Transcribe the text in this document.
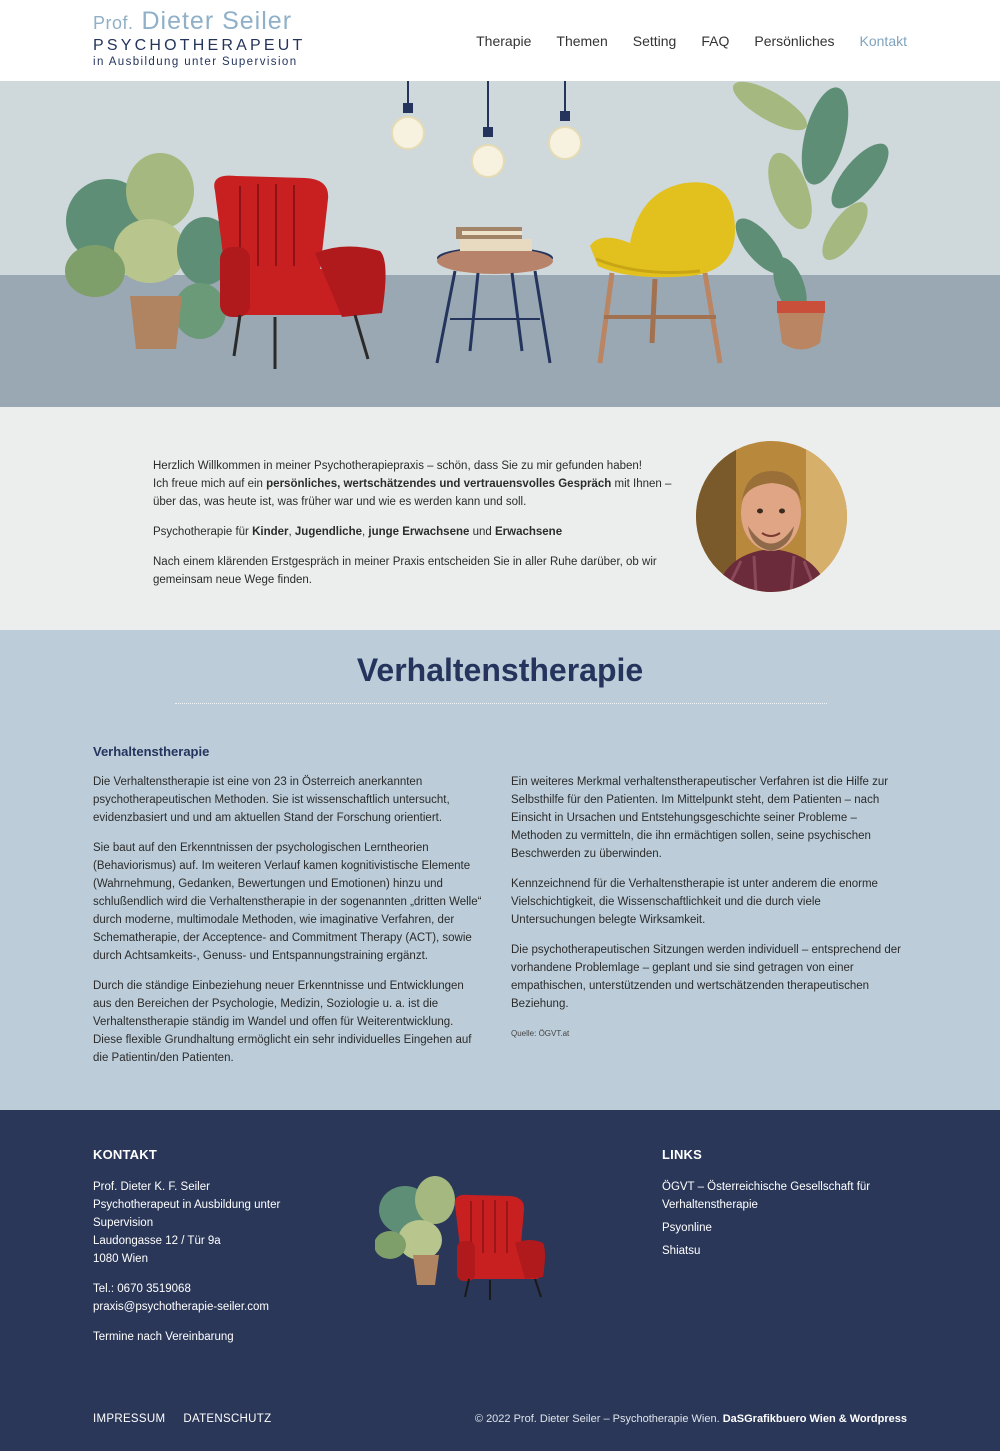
Prof. Dieter Seiler
PSYCHOTHERAPEUT
in Ausbildung unter Supervision
Therapie Themen Setting FAQ Persönliches Kontakt

Herzlich Willkommen in meiner Psychotherapiepraxis – schön, dass Sie zu mir gefunden haben!
Ich freue mich auf ein persönliches, wertschätzendes und vertrauensvolles Gespräch mit Ihnen – über das, was heute ist, was früher war und wie es werden kann und soll.

Psychotherapie für Kinder, Jugendliche, junge Erwachsene und Erwachsene

Nach einem klärenden Erstgespräch in meiner Praxis entscheiden Sie in aller Ruhe darüber, ob wir gemeinsam neue Wege finden.

Verhaltenstherapie
Verhaltenstherapie

Die Verhaltenstherapie ist eine von 23 in Österreich anerkannten psychotherapeutischen Methoden. Sie ist wissenschaftlich untersucht, evidenzbasiert und und am aktuellen Stand der Forschung orientiert.

Sie baut auf den Erkenntnissen der psychologischen Lerntheorien (Behaviorismus) auf. Im weiteren Verlauf kamen kognitivistische Elemente (Wahrnehmung, Gedanken, Bewertungen und Emotionen) hinzu und schlußendlich wird die Verhaltenstherapie in der sogenannten „dritten Welle“ durch moderne, multimodale Methoden, wie imaginative Verfahren, der Schematherapie, der Acceptence- and Commitment Therapy (ACT), sowie durch Achtsamkeits-, Genuss- und Entspannungstraining ergänzt.

Durch die ständige Einbeziehung neuer Erkenntnisse und Entwicklungen aus den Bereichen der Psychologie, Medizin, Soziologie u. a. ist die Verhaltenstherapie ständig im Wandel und offen für Weiterentwicklung. Diese flexible Grundhaltung ermöglicht ein sehr individuelles Eingehen auf die Patientin/den Patienten.

Ein weiteres Merkmal verhaltenstherapeutischer Verfahren ist die Hilfe zur Selbsthilfe für den Patienten. Im Mittelpunkt steht, dem Patienten – nach Einsicht in Ursachen und Entstehungsgeschichte seiner Probleme – Methoden zu vermitteln, die ihn ermächtigen sollen, seine psychischen Beschwerden zu überwinden.

Kennzeichnend für die Verhaltenstherapie ist unter anderem die enorme Vielschichtigkeit, die Wissenschaftlichkeit und die durch viele Untersuchungen belegte Wirksamkeit.

Die psychotherapeutischen Sitzungen werden individuell – entsprechend der vorhandene Problemlage – geplant und sie sind getragen von einer empathischen, unterstützenden und wertschätzenden therapeutischen Beziehung.

Quelle: ÖGVT.at

KONTAKT

Prof. Dieter K. F. Seiler
Psychotherapeut in Ausbildung unter Supervision
Laudongasse 12 / Tür 9a
1080 Wien

Tel.: 0670 3519068
praxis@psychotherapie-seiler.com

Termine nach Vereinbarung

LINKS
ÖGVT – Österreichische Gesellschaft für Verhaltenstherapie
Psyonline
Shiatsu
IMPRESSUM DATENSCHUTZ	© 2022 Prof. Dieter Seiler – Psychotherapie Wien. DaSGrafikbuero Wien & Wordpress
